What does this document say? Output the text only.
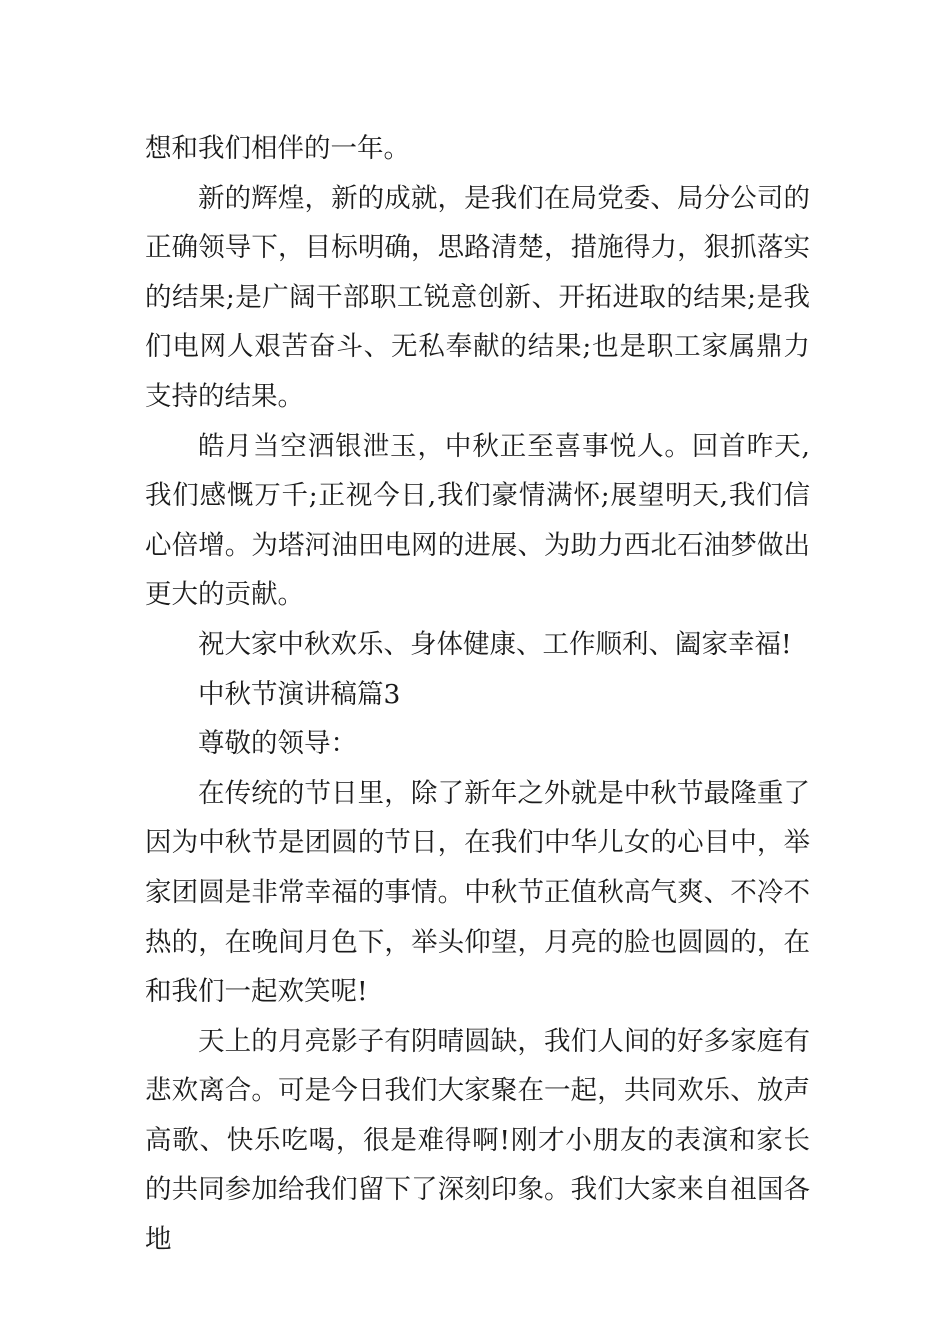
想和我们相伴的一年。

新的辉煌，新的成就，是我们在局党委、局分公司的正确领导下，目标明确，思路清楚，措施得力，狠抓落实的结果;是广阔干部职工锐意创新、开拓进取的结果;是我们电网人艰苦奋斗、无私奉献的结果;也是职工家属鼎力支持的结果。

皓月当空洒银泄玉，中秋正至喜事悦人。回首昨天,我们感慨万千;正视今日,我们豪情满怀;展望明天,我们信心倍增。为塔河油田电网的进展、为助力西北石油梦做出更大的贡献。

祝大家中秋欢乐、身体健康、工作顺利、阖家幸福!

中秋节演讲稿篇3

尊敬的领导：

在传统的节日里，除了新年之外就是中秋节最隆重了因为中秋节是团圆的节日，在我们中华儿女的心目中，举家团圆是非常幸福的事情。中秋节正值秋高气爽、不冷不热的，在晚间月色下，举头仰望，月亮的脸也圆圆的，在和我们一起欢笑呢!

天上的月亮影子有阴晴圆缺，我们人间的好多家庭有悲欢离合。可是今日我们大家聚在一起，共同欢乐、放声高歌、快乐吃喝，很是难得啊!刚才小朋友的表演和家长的共同参加给我们留下了深刻印象。我们大家来自祖国各地
